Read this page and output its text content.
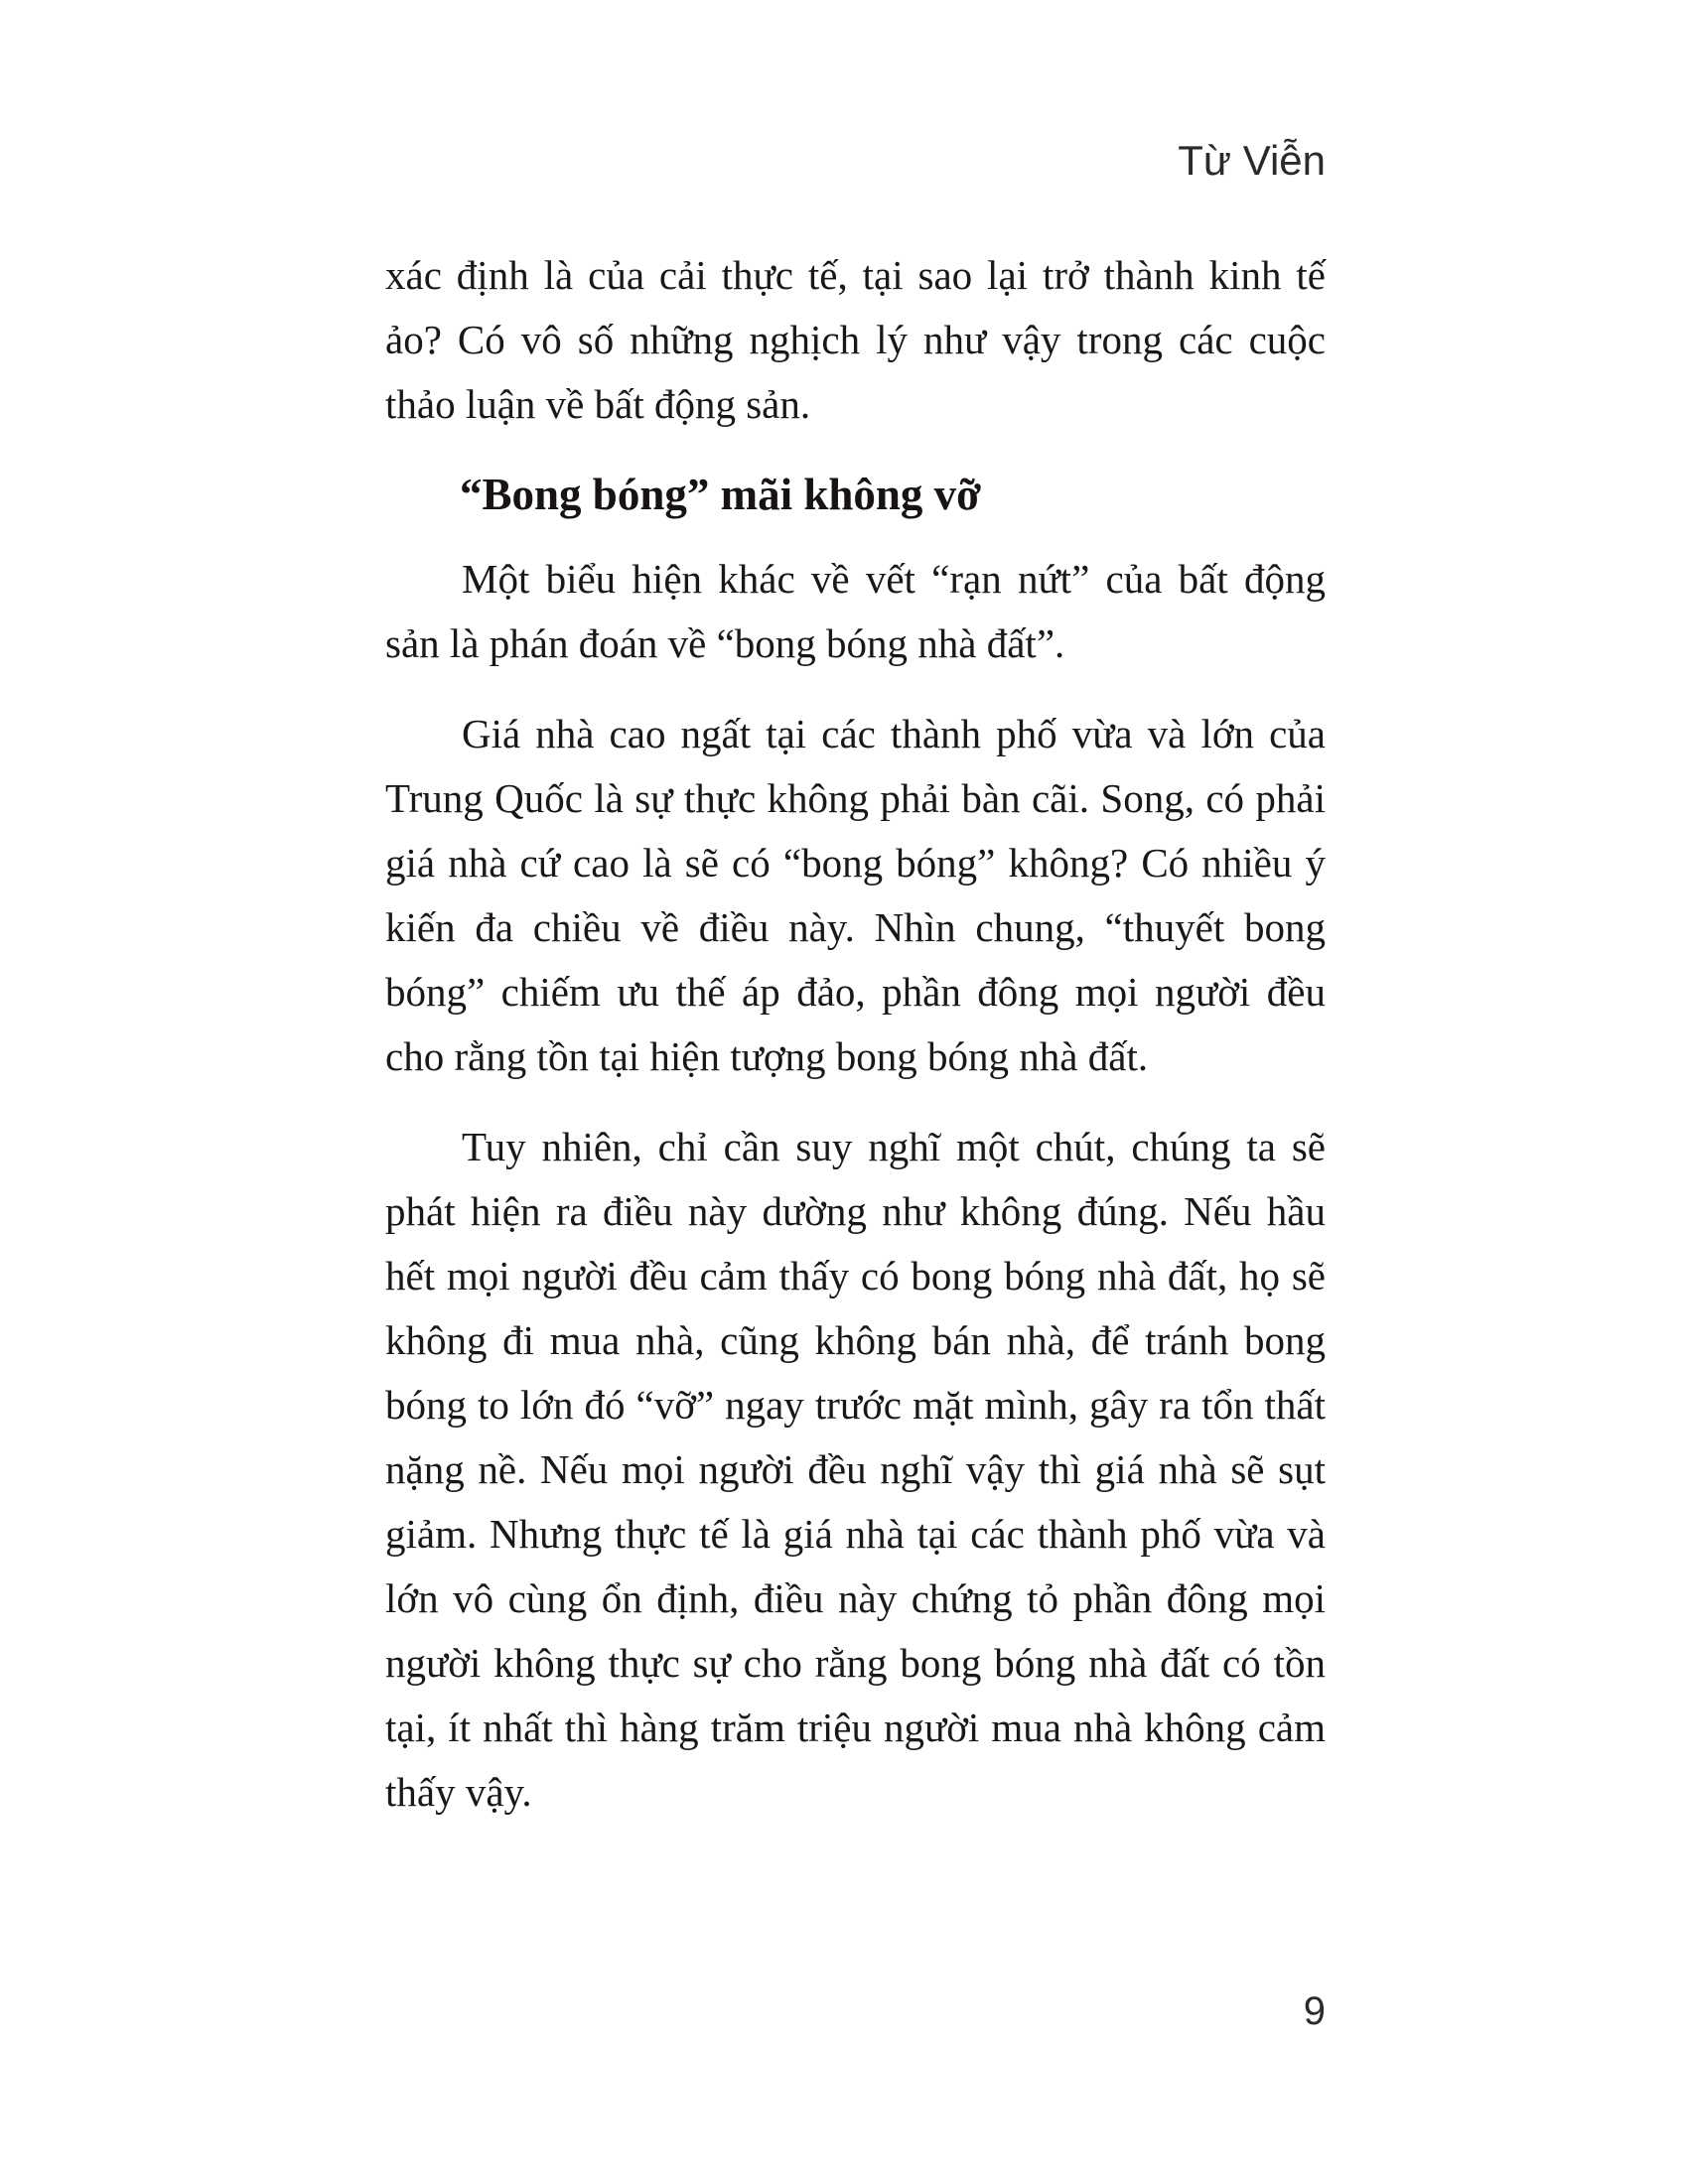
Từ Viễn

xác định là của cải thực tế, tại sao lại trở thành kinh tế ảo? Có vô số những nghịch lý như vậy trong các cuộc thảo luận về bất động sản.

“Bong bóng” mãi không vỡ

Một biểu hiện khác về vết “rạn nứt” của bất động sản là phán đoán về “bong bóng nhà đất”.

Giá nhà cao ngất tại các thành phố vừa và lớn của Trung Quốc là sự thực không phải bàn cãi. Song, có phải giá nhà cứ cao là sẽ có “bong bóng” không? Có nhiều ý kiến đa chiều về điều này. Nhìn chung, “thuyết bong bóng” chiếm ưu thế áp đảo, phần đông mọi người đều cho rằng tồn tại hiện tượng bong bóng nhà đất.

Tuy nhiên, chỉ cần suy nghĩ một chút, chúng ta sẽ phát hiện ra điều này dường như không đúng. Nếu hầu hết mọi người đều cảm thấy có bong bóng nhà đất, họ sẽ không đi mua nhà, cũng không bán nhà, để tránh bong bóng to lớn đó “vỡ” ngay trước mặt mình, gây ra tổn thất nặng nề. Nếu mọi người đều nghĩ vậy thì giá nhà sẽ sụt giảm. Nhưng thực tế là giá nhà tại các thành phố vừa và lớn vô cùng ổn định, điều này chứng tỏ phần đông mọi người không thực sự cho rằng bong bóng nhà đất có tồn tại, ít nhất thì hàng trăm triệu người mua nhà không cảm thấy vậy.

9
